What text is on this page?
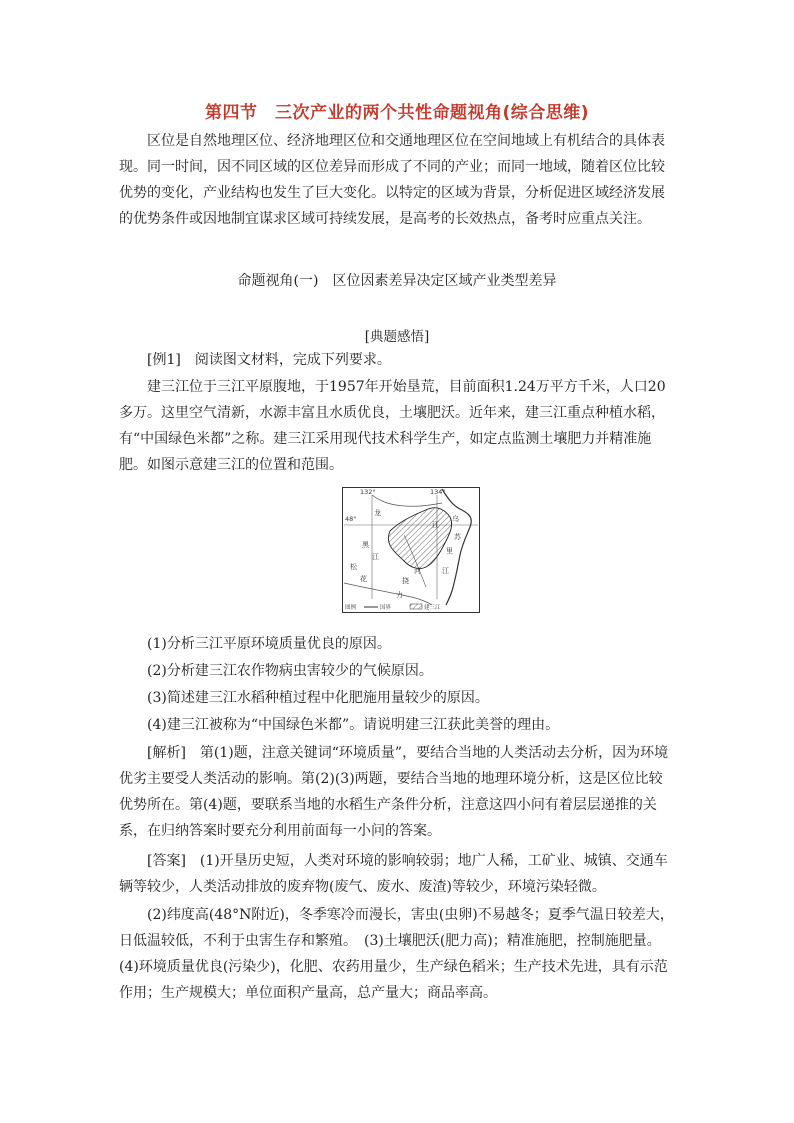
第四节　三次产业的两个共性命题视角(综合思维)

区位是自然地理区位、经济地理区位和交通地理区位在空间地域上有机结合的具体表现。同一时间，因不同区域的区位差异而形成了不同的产业；而同一地域，随着区位比较优势的变化，产业结构也发生了巨大变化。以特定的区域为背景，分析促进区域经济发展的优势条件或因地制宜谋求区域可持续发展，是高考的长效热点，备考时应重点关注。

命题视角(一)　区位因素差异决定区域产业类型差异
[典题感悟]
[例1]　阅读图文材料，完成下列要求。

建三江位于三江平原腹地，于1957年开始垦荒，目前面积1.24万平方千米，人口20多万。这里空气清新，水源丰富且水质优良，土壤肥沃。近年来，建三江重点种植水稻，有“中国绿色米都”之称。建三江采用现代技术科学生产，如定点监测土壤肥力并精准施肥。如图示意建三江的位置和范围。

132°	134°
48°
黑
龙
江
松
花
江
乌
苏
里
江
挠
力
河
图例	国界	建三江
(1)分析三江平原环境质量优良的原因。
(2)分析建三江农作物病虫害较少的气候原因。
(3)简述建三江水稻种植过程中化肥施用量较少的原因。
(4)建三江被称为“中国绿色米都”。请说明建三江获此美誉的理由。

[解析]　第(1)题，注意关键词“环境质量”，要结合当地的人类活动去分析，因为环境优劣主要受人类活动的影响。第(2)(3)两题，要结合当地的地理环境分析，这是区位比较优势所在。第(4)题，要联系当地的水稻生产条件分析，注意这四小问有着层层递推的关系，在归纳答案时要充分利用前面每一小问的答案。

[答案]　(1)开垦历史短，人类对环境的影响较弱；地广人稀，工矿业、城镇、交通车辆等较少，人类活动排放的废弃物(废气、废水、废渣)等较少，环境污染轻微。

(2)纬度高(48°N附近)，冬季寒冷而漫长，害虫(虫卵)不易越冬；夏季气温日较差大，日低温较低，不利于虫害生存和繁殖。　(3)土壤肥沃(肥力高)；精准施肥，控制施肥量。　(4)环境质量优良(污染少)，化肥、农药用量少，生产绿色稻米；生产技术先进，具有示范作用；生产规模大；单位面积产量高，总产量大；商品率高。
